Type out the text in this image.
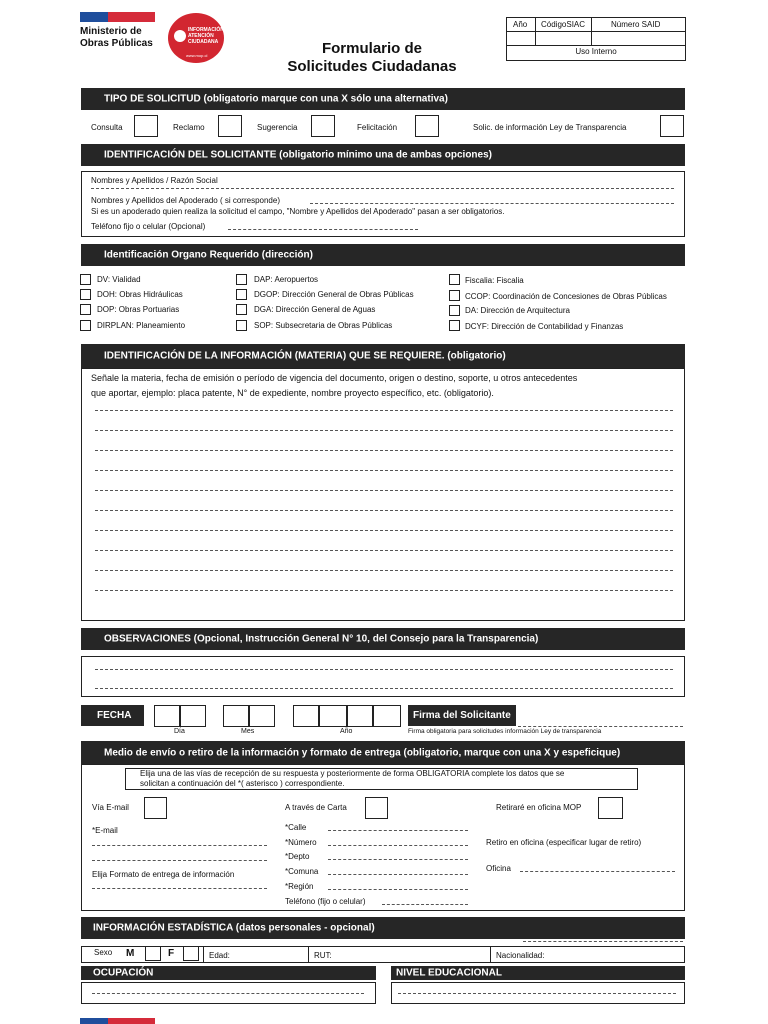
Ministerio de
Obras Públicas
INFORMACIÓN
ATENCIÓN
CIUDADANA
www.mop.cl	Formulario de
Solicitudes Ciudadanas
Año CódigoSIAC	Número SAID
Uso Interno
TIPO DE SOLICITUD (obligatorio marque con una X sólo una alternativa)
Consulta	Reclamo	Sugerencia	Felicitación	Solic. de información Ley de Transparencia
IDENTIFICACIÓN DEL SOLICITANTE (obligatorio mínimo una de ambas opciones)
Nombres y Apellidos / Razón Social
Nombres y Apellidos del Apoderado ( si corresponde)
Si es un apoderado quien realiza la solicitud el campo, "Nombre y Apellidos del Apoderado" pasan a ser obligatorios.
Teléfono fijo o celular (Opcional)
Identificación Organo Requerido (dirección)
DV: Vialidad
DOH: Obras Hidráulicas
DOP: Obras Portuarias
DIRPLAN: Planeamiento
DAP: Aeropuertos
DGOP: Dirección General de Obras Públicas
DGA: Dirección General de Aguas
SOP: Subsecretaria de Obras Públicas
Fiscalia: Fiscalia
CCOP: Coordinación de Concesiones de Obras Públicas
DA: Dirección de Arquitectura
DCYF: Dirección de Contabilidad y Finanzas
IDENTIFICACIÓN DE LA INFORMACIÓN (MATERIA) QUE SE REQUIERE. (obligatorio)
Señale la materia, fecha de emisión o período de vigencia del documento, origen o destino, soporte, u otros antecedentes
que aportar, ejemplo: placa patente, N° de expediente, nombre proyecto específico, etc. (obligatorio).
OBSERVACIONES (Opcional, Instrucción General N° 10, del Consejo para la Transparencia)
FECHA
Día	Mes	Año
Firma del Solicitante
Firma obligatoria para solicitudes información Ley de transparencia
Medio de envío o retiro de la información y formato de entrega (obligatorio, marque con una X y espeficique)
Elija una de las vías de recepción de su respuesta y posteriormente de forma OBLIGATORIA complete los datos que se
solicitan a continuación del *( asterisco ) correspondiente.
Vía E-mail
*E-mail
Elija Formato de entrega de información
A través de Carta
*Calle
*Número
*Depto
*Comuna
*Región
Teléfono (fijo o celular)
Retiraré en oficina MOP
Retiro en oficina (especificar lugar de retiro)
Oficina
INFORMACIÓN ESTADÍSTICA (datos personales - opcional)
Sexo M	F	Edad:	RUT:	Nacionalidad:
OCUPACIÓN	NIVEL EDUCACIONAL
